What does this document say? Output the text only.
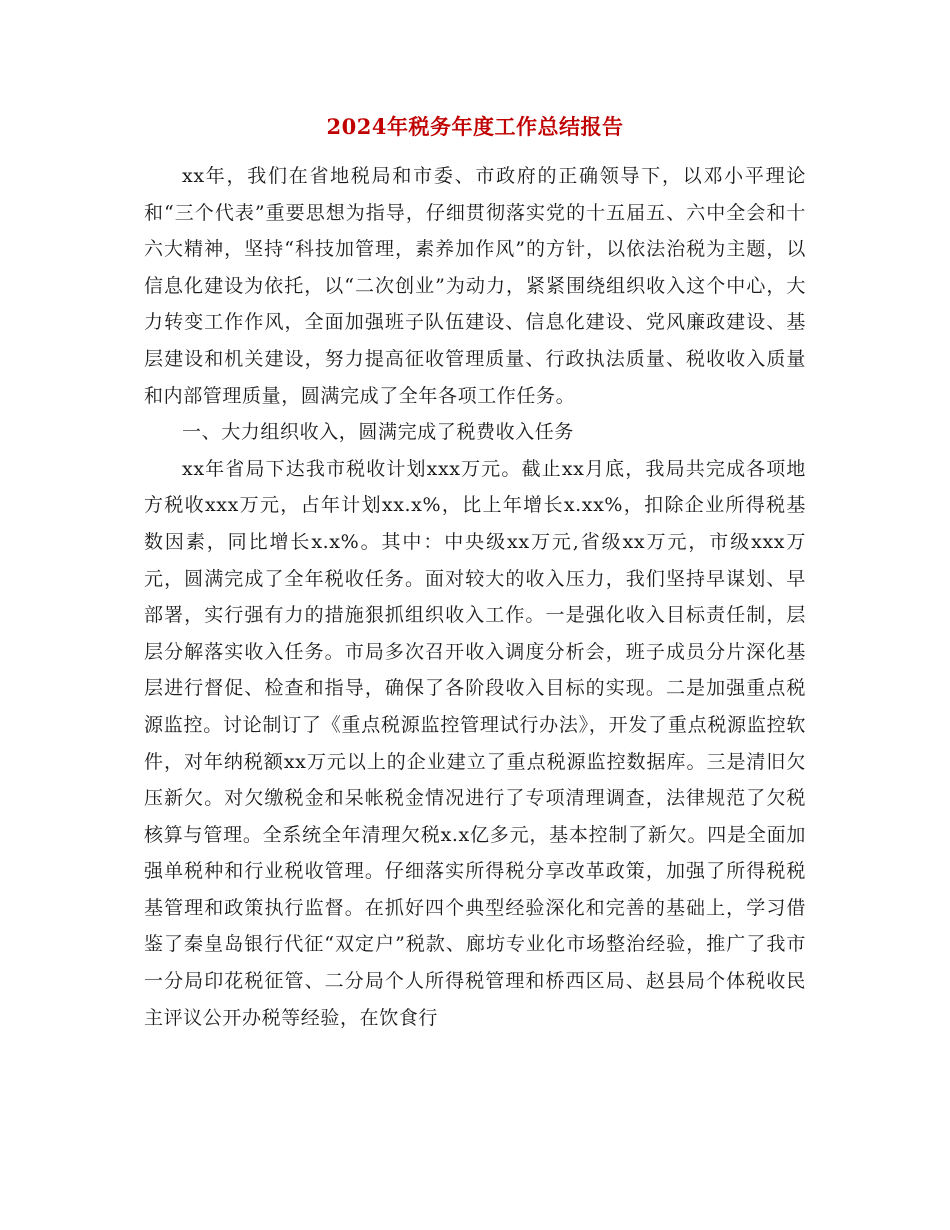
2024年税务年度工作总结报告

xx年，我们在省地税局和市委、市政府的正确领导下，以邓小平理论和“三个代表”重要思想为指导，仔细贯彻落实党的十五届五、六中全会和十六大精神，坚持“科技加管理，素养加作风”的方针，以依法治税为主题，以信息化建设为依托，以“二次创业”为动力，紧紧围绕组织收入这个中心，大力转变工作作风，全面加强班子队伍建设、信息化建设、党风廉政建设、基层建设和机关建设，努力提高征收管理质量、行政执法质量、税收收入质量和内部管理质量，圆满完成了全年各项工作任务。

一、大力组织收入，圆满完成了税费收入任务

xx年省局下达我市税收计划xxx万元。截止xx月底，我局共完成各项地方税收xxx万元，占年计划xx.x%，比上年增长x.xx%，扣除企业所得税基数因素，同比增长x.x%。其中：中央级xx万元,省级xx万元，市级xxx万元，圆满完成了全年税收任务。面对较大的收入压力，我们坚持早谋划、早部署，实行强有力的措施狠抓组织收入工作。一是强化收入目标责任制，层层分解落实收入任务。市局多次召开收入调度分析会，班子成员分片深化基层进行督促、检查和指导，确保了各阶段收入目标的实现。二是加强重点税源监控。讨论制订了《重点税源监控管理试行办法》，开发了重点税源监控软件，对年纳税额xx万元以上的企业建立了重点税源监控数据库。三是清旧欠压新欠。对欠缴税金和呆帐税金情况进行了专项清理调查，法律规范了欠税核算与管理。全系统全年清理欠税x.x亿多元，基本控制了新欠。四是全面加强单税种和行业税收管理。仔细落实所得税分享改革政策，加强了所得税税基管理和政策执行监督。在抓好四个典型经验深化和完善的基础上，学习借鉴了秦皇岛银行代征“双定户”税款、廊坊专业化市场整治经验，推广了我市一分局印花税征管、二分局个人所得税管理和桥西区局、赵县局个体税收民主评议公开办税等经验，在饮食行
